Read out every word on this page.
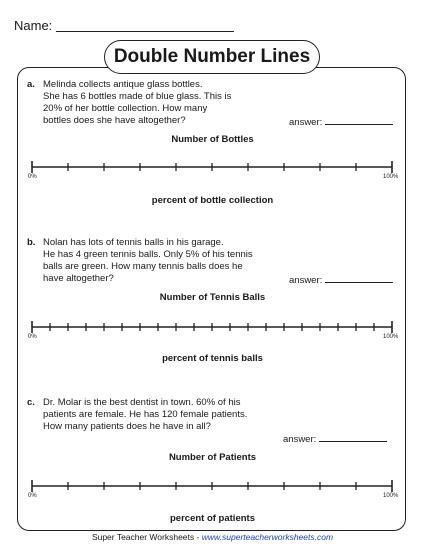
Name:
Double Number Lines
a. Melinda collects antique glass bottles.
She has 6 bottles made of blue glass. This is
20% of her bottle collection. How many
bottles does she have altogether?	answer:
Number of Bottles
0%	100%
percent of bottle collection
b. Nolan has lots of tennis balls in his garage.
He has 4 green tennis balls. Only 5% of his tennis
balls are green. How many tennis balls does he
have altogether?	answer:
Number of Tennis Balls
0%	100%
percent of tennis balls
c. Dr. Molar is the best dentist in town. 60% of his
patients are female. He has 120 female patients.
How many patients does he have in all?
answer:
Number of Patients
0%	100%
percent of patients
Super Teacher Worksheets - www.superteacherworksheets.com
